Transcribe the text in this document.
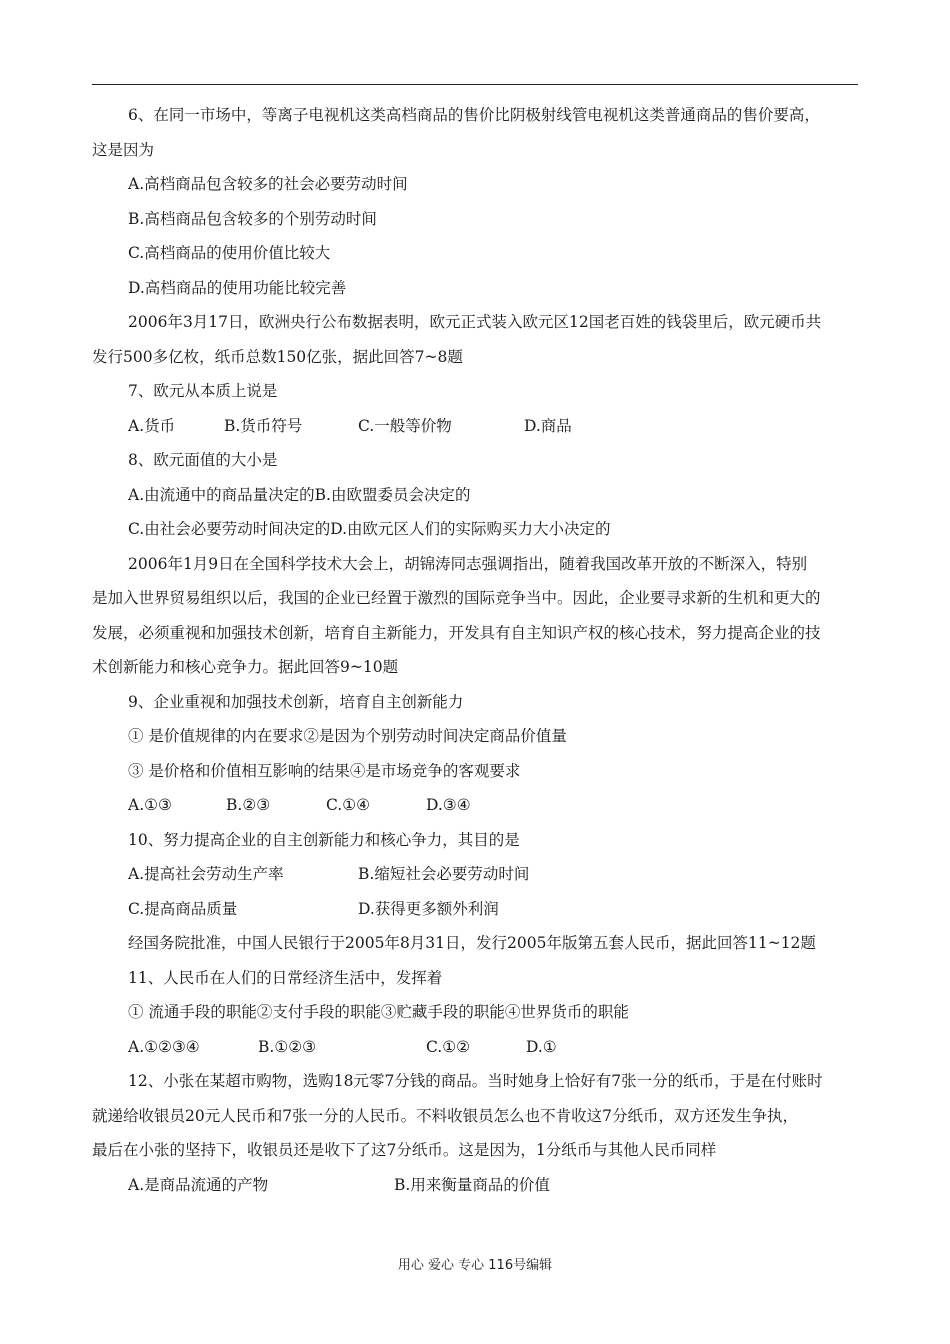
6、在同一市场中，等离子电视机这类高档商品的售价比阴极射线管电视机这类普通商品的售价要高，
这是因为
A.高档商品包含较多的社会必要劳动时间
B.高档商品包含较多的个别劳动时间
C.高档商品的使用价值比较大
D.高档商品的使用功能比较完善
2006年3月17日，欧洲央行公布数据表明，欧元正式装入欧元区12国老百姓的钱袋里后，欧元硬币共
发行500多亿枚，纸币总数150亿张，据此回答7~8题
7、欧元从本质上说是
A.货币	B.货币符号	C.一般等价物	D.商品
8、欧元面值的大小是
A.由流通中的商品量决定的B.由欧盟委员会决定的
C.由社会必要劳动时间决定的D.由欧元区人们的实际购买力大小决定的
2006年1月9日在全国科学技术大会上，胡锦涛同志强调指出，随着我国改革开放的不断深入，特别
是加入世界贸易组织以后，我国的企业已经置于激烈的国际竞争当中。因此，企业要寻求新的生机和更大的
发展，必须重视和加强技术创新，培育自主新能力，开发具有自主知识产权的核心技术，努力提高企业的技
术创新能力和核心竞争力。据此回答9~10题
9、企业重视和加强技术创新，培育自主创新能力
① 是价值规律的内在要求②是因为个别劳动时间决定商品价值量
③ 是价格和价值相互影响的结果④是市场竞争的客观要求
A.①③	B.②③	C.①④	D.③④
10、努力提高企业的自主创新能力和核心争力，其目的是
A.提高社会劳动生产率	B.缩短社会必要劳动时间
C.提高商品质量	D.获得更多额外利润
经国务院批准，中国人民银行于2005年8月31日，发行2005年版第五套人民币，据此回答11~12题
11、人民币在人们的日常经济生活中，发挥着
① 流通手段的职能②支付手段的职能③贮藏手段的职能④世界货币的职能
A.①②③④	B.①②③	C.①②	D.①
12、小张在某超市购物，选购18元零7分钱的商品。当时她身上恰好有7张一分的纸币，于是在付账时
就递给收银员20元人民币和7张一分的人民币。不料收银员怎么也不肯收这7分纸币，双方还发生争执，
最后在小张的坚持下，收银员还是收下了这7分纸币。这是因为，1分纸币与其他人民币同样
A.是商品流通的产物	B.用来衡量商品的价值
用心 爱心 专心 116号编辑
